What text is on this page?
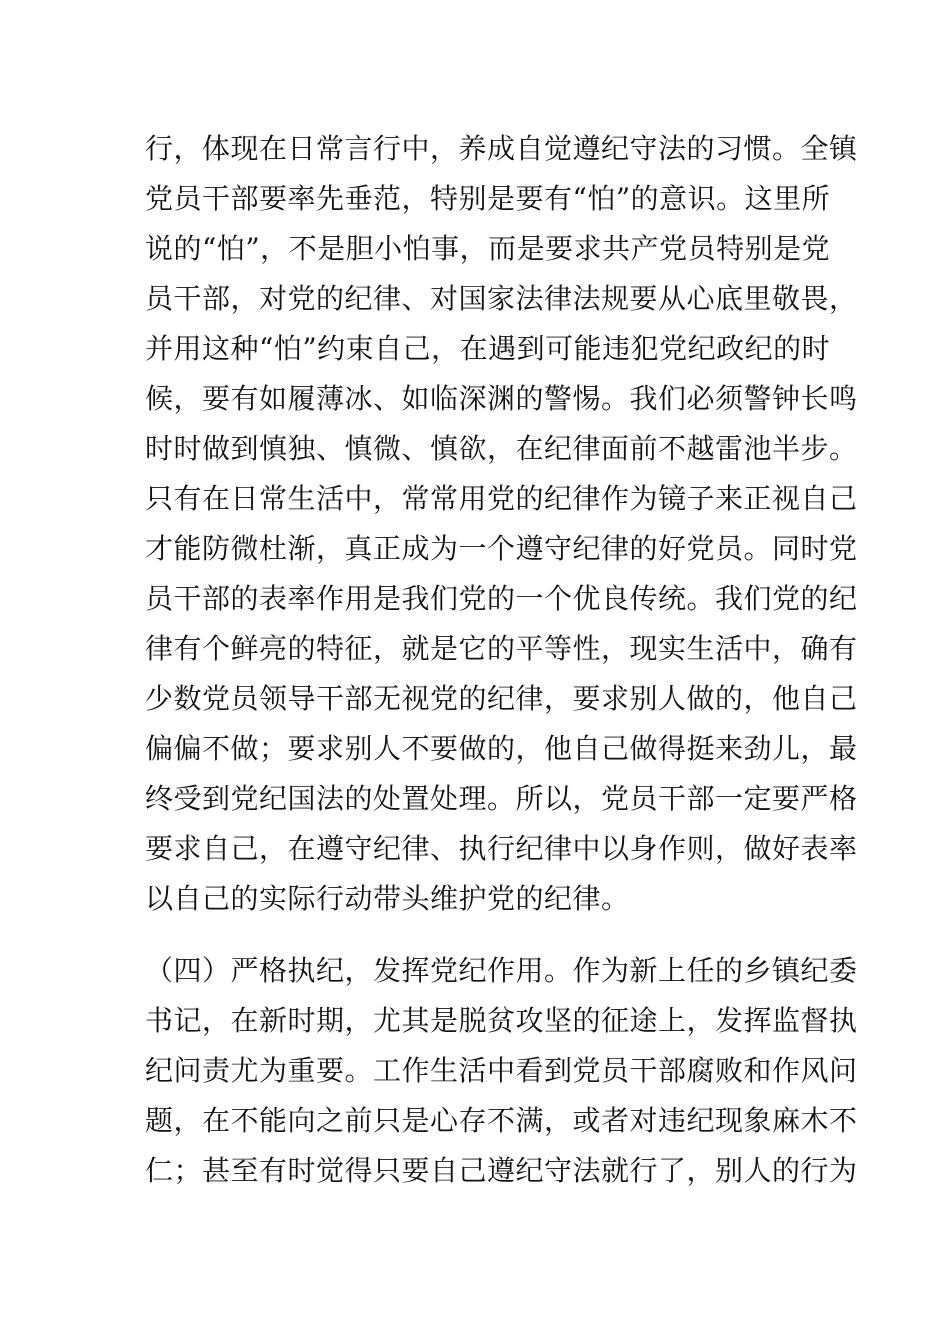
行，体现在日常言行中，养成自觉遵纪守法的习惯。全镇
党员干部要率先垂范，特别是要有“怕”的意识。这里所
说的“怕”，不是胆小怕事，而是要求共产党员特别是党
员干部，对党的纪律、对国家法律法规要从心底里敬畏，
并用这种“怕”约束自己，在遇到可能违犯党纪政纪的时
候，要有如履薄冰、如临深渊的警惕。我们必须警钟长鸣
时时做到慎独、慎微、慎欲，在纪律面前不越雷池半步。
只有在日常生活中，常常用党的纪律作为镜子来正视自己
才能防微杜渐，真正成为一个遵守纪律的好党员。同时党
员干部的表率作用是我们党的一个优良传统。我们党的纪
律有个鲜亮的特征，就是它的平等性，现实生活中，确有
少数党员领导干部无视党的纪律，要求别人做的，他自己
偏偏不做；要求别人不要做的，他自己做得挺来劲儿，最
终受到党纪国法的处置处理。所以，党员干部一定要严格
要求自己，在遵守纪律、执行纪律中以身作则，做好表率
以自己的实际行动带头维护党的纪律。
（四）严格执纪，发挥党纪作用。作为新上任的乡镇纪委
书记，在新时期，尤其是脱贫攻坚的征途上，发挥监督执
纪问责尤为重要。工作生活中看到党员干部腐败和作风问
题，在不能向之前只是心存不满，或者对违纪现象麻木不
仁；甚至有时觉得只要自己遵纪守法就行了，别人的行为
